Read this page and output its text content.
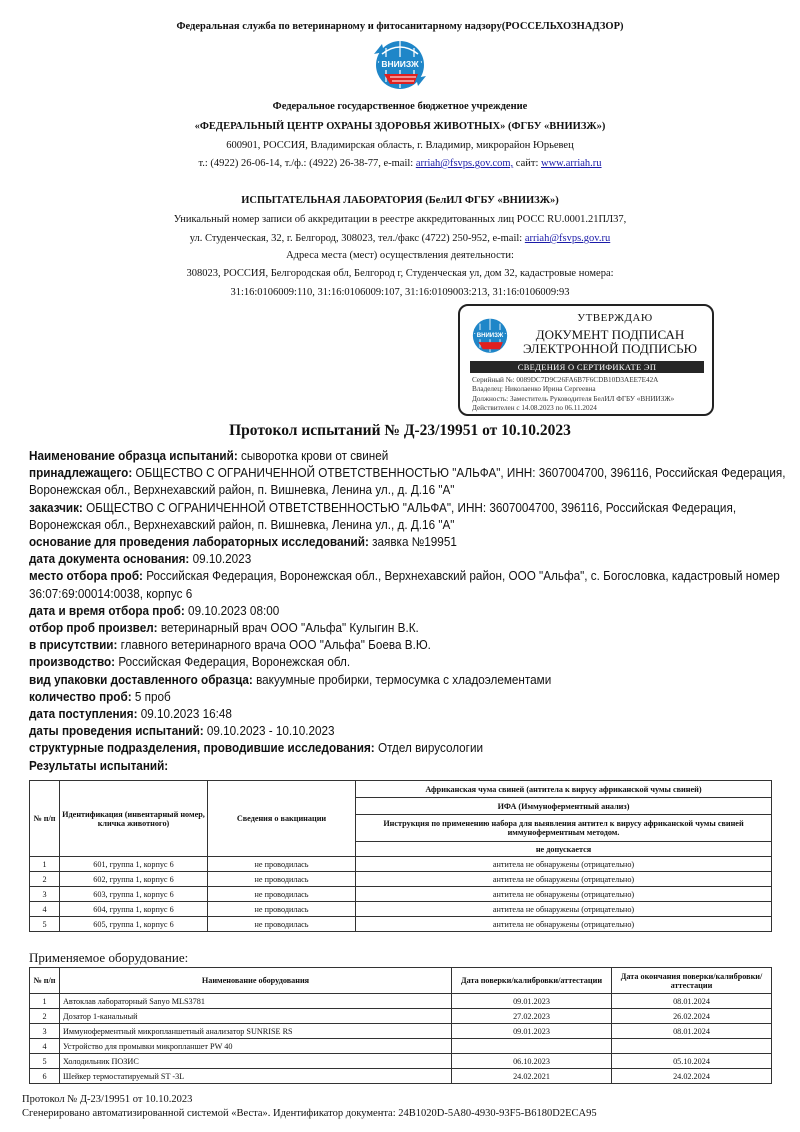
Федеральная служба по ветеринарному и фитосанитарному надзору(РОССЕЛЬХОЗНАДЗОР)
ВНИИЗЖ
Федеральное государственное бюджетное учреждение
«ФЕДЕРАЛЬНЫЙ ЦЕНТР ОХРАНЫ ЗДОРОВЬЯ ЖИВОТНЫХ» (ФГБУ «ВНИИЗЖ»)
600901, РОССИЯ, Владимирская область, г. Владимир, микрорайон Юрьевец
т.: (4922) 26-06-14, т./ф.: (4922) 26-38-77, e-mail: arriah@fsvps.gov.com, сайт: www.arriah.ru
ИСПЫТАТЕЛЬНАЯ ЛАБОРАТОРИЯ (БелИЛ ФГБУ «ВНИИЗЖ»)
Уникальный номер записи об аккредитации в реестре аккредитованных лиц РОСС RU.0001.21ПЛ37,
ул. Студенческая, 32, г. Белгород, 308023, тел./факс (4722) 250-952, e-mail: arriah@fsvps.gov.ru
Адреса места (мест) осуществления деятельности:
308023, РОССИЯ, Белгородская обл, Белгород г, Студенческая ул, дом 32, кадастровые номера:
31:16:0106009:110, 31:16:0106009:107, 31:16:0109003:213, 31:16:0106009:93
ВНИИЗЖ
УТВЕРЖДАЮ
ДОКУМЕНТ ПОДПИСАН
ЭЛЕКТРОННОЙ ПОДПИСЬЮ
СВЕДЕНИЯ О СЕРТИФИКАТЕ ЭП
Серийный №: 0089DC7D9C26FA6B7F6CDB10D3AEE7E42A
Владелец: Николаенко Ирина Сергеевна
Должность: Заместитель Руководителя БелИЛ ФГБУ «ВНИИЗЖ»
Действителен с 14.08.2023 по 06.11.2024
Протокол испытаний № Д-23/19951 от 10.10.2023
Наименование образца испытаний: сыворотка крови от свиней
принадлежащего: ОБЩЕСТВО С ОГРАНИЧЕННОЙ ОТВЕТСТВЕННОСТЬЮ "АЛЬФА", ИНН: 3607004700, 396116, Российская Федерация, Воронежская обл., Верхнехавский район, п. Вишневка, Ленина ул., д. Д.16 "А"
заказчик: ОБЩЕСТВО С ОГРАНИЧЕННОЙ ОТВЕТСТВЕННОСТЬЮ "АЛЬФА", ИНН: 3607004700, 396116, Российская Федерация, Воронежская обл., Верхнехавский район, п. Вишневка, Ленина ул., д. Д.16 "А"
основание для проведения лабораторных исследований: заявка №19951
дата документа основания: 09.10.2023
место отбора проб: Российская Федерация, Воронежская обл., Верхнехавский район, ООО "Альфа", с. Богословка, кадастровый номер 36:07:69:00014:0038, корпус 6
дата и время отбора проб: 09.10.2023 08:00
отбор проб произвел: ветеринарный врач ООО "Альфа" Кулыгин В.К.
в присутствии: главного ветеринарного врача ООО "Альфа" Боева В.Ю.
производство: Российская Федерация, Воронежская обл.
вид упаковки доставленного образца: вакуумные пробирки, термосумка с хладоэлементами
количество проб: 5 проб
дата поступления: 09.10.2023 16:48
даты проведения испытаний: 09.10.2023 - 10.10.2023
структурные подразделения, проводившие исследования: Отдел вирусологии
Результаты испытаний:
№ п/п	Идентификация (инвентарный номер, кличка животного)	Сведения о вакцинации	Африканская чума свиней (антитела к вирусу африканской чумы свиней)
			ИФА (Иммуноферментный анализ)
			Инструкция по применению набора для выявления антител к вирусу африканской чумы свиней иммуноферментным методом.
			не допускается
1	601, группа 1, корпус 6	не проводилась	антитела не обнаружены (отрицательно)
2	602, группа 1, корпус 6	не проводилась	антитела не обнаружены (отрицательно)
3	603, группа 1, корпус 6	не проводилась	антитела не обнаружены (отрицательно)
4	604, группа 1, корпус 6	не проводилась	антитела не обнаружены (отрицательно)
5	605, группа 1, корпус 6	не проводилась	антитела не обнаружены (отрицательно)
Применяемое оборудование:
№ п/п	Наименование оборудования	Дата поверки/калибровки/аттестации	Дата окончания поверки/калибровки/аттестации
1	Автоклав лабораторный Sanyo MLS3781	09.01.2023	08.01.2024
2	Дозатор 1-канальный	27.02.2023	26.02.2024
3	Иммуноферментный микропланшетный анализатор SUNRISE RS	09.01.2023	08.01.2024
4	Устройство для промывки микропланшет PW 40		
5	Холодильник ПОЗИС	06.10.2023	05.10.2024
6	Шейкер термостатируемый ST -3L	24.02.2021	24.02.2024
Протокол № Д-23/19951 от 10.10.2023
Сгенерировано автоматизированной системой «Веста». Идентификатор документа: 24B1020D-5A80-4930-93F5-B6180D2ECA95
